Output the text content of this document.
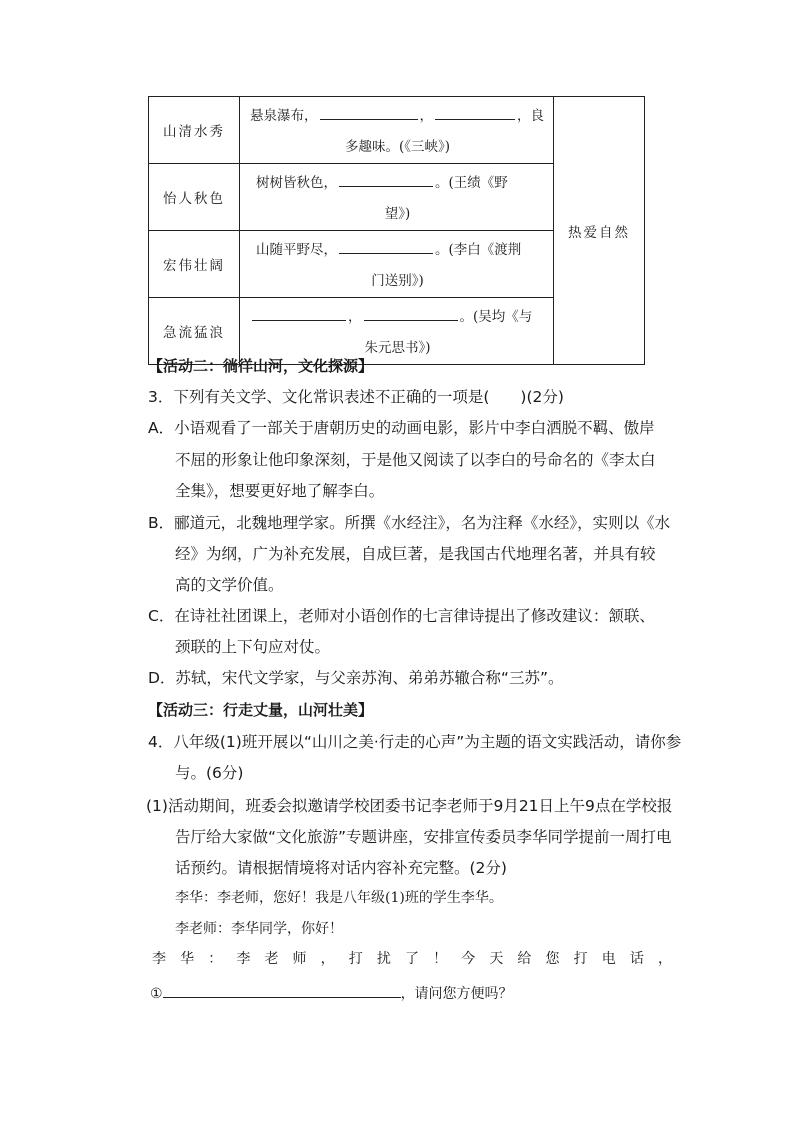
山清水秀	悬泉瀑布， ， ，良
多趣味。(《三峡》)	热爱自然
怡人秋色	树树皆秋色， 。(王绩《野
望》)	

宏伟壮阔	山随平野尽， 。(李白《渡荆
门送别》)	

急流猛浪	， 。(吴均《与
朱元思书》)	
【活动二：徜徉山河，文化探源】
3．下列有关文学、文化常识表述不正确的一项是(　　)(2分)
A．小语观看了一部关于唐朝历史的动画电影，影片中李白洒脱不羁、傲岸
不屈的形象让他印象深刻，于是他又阅读了以李白的号命名的《李太白
全集》，想要更好地了解李白。
B．郦道元，北魏地理学家。所撰《水经注》，名为注释《水经》，实则以《水
经》为纲，广为补充发展，自成巨著，是我国古代地理名著，并具有较
高的文学价值。
C．在诗社社团课上，老师对小语创作的七言律诗提出了修改建议：颔联、
颈联的上下句应对仗。
D．苏轼，宋代文学家，与父亲苏洵、弟弟苏辙合称“三苏”。
【活动三：行走丈量，山河壮美】
4．八年级(1)班开展以“山川之美·行走的心声”为主题的语文实践活动，请你参
与。(6分)
(1)活动期间，班委会拟邀请学校团委书记李老师于9月21日上午9点在学校报
告厅给大家做“文化旅游”专题讲座，安排宣传委员李华同学提前一周打电
话预约。请根据情境将对话内容补充完整。(2分)
李华：李老师，您好！我是八年级(1)班的学生李华。
李老师：李华同学，你好！
李 华 ： 李 老 师 ， 打 扰 了 ！ 今 天 给 您 打 电 话 ，
①	，请问您方便吗？
